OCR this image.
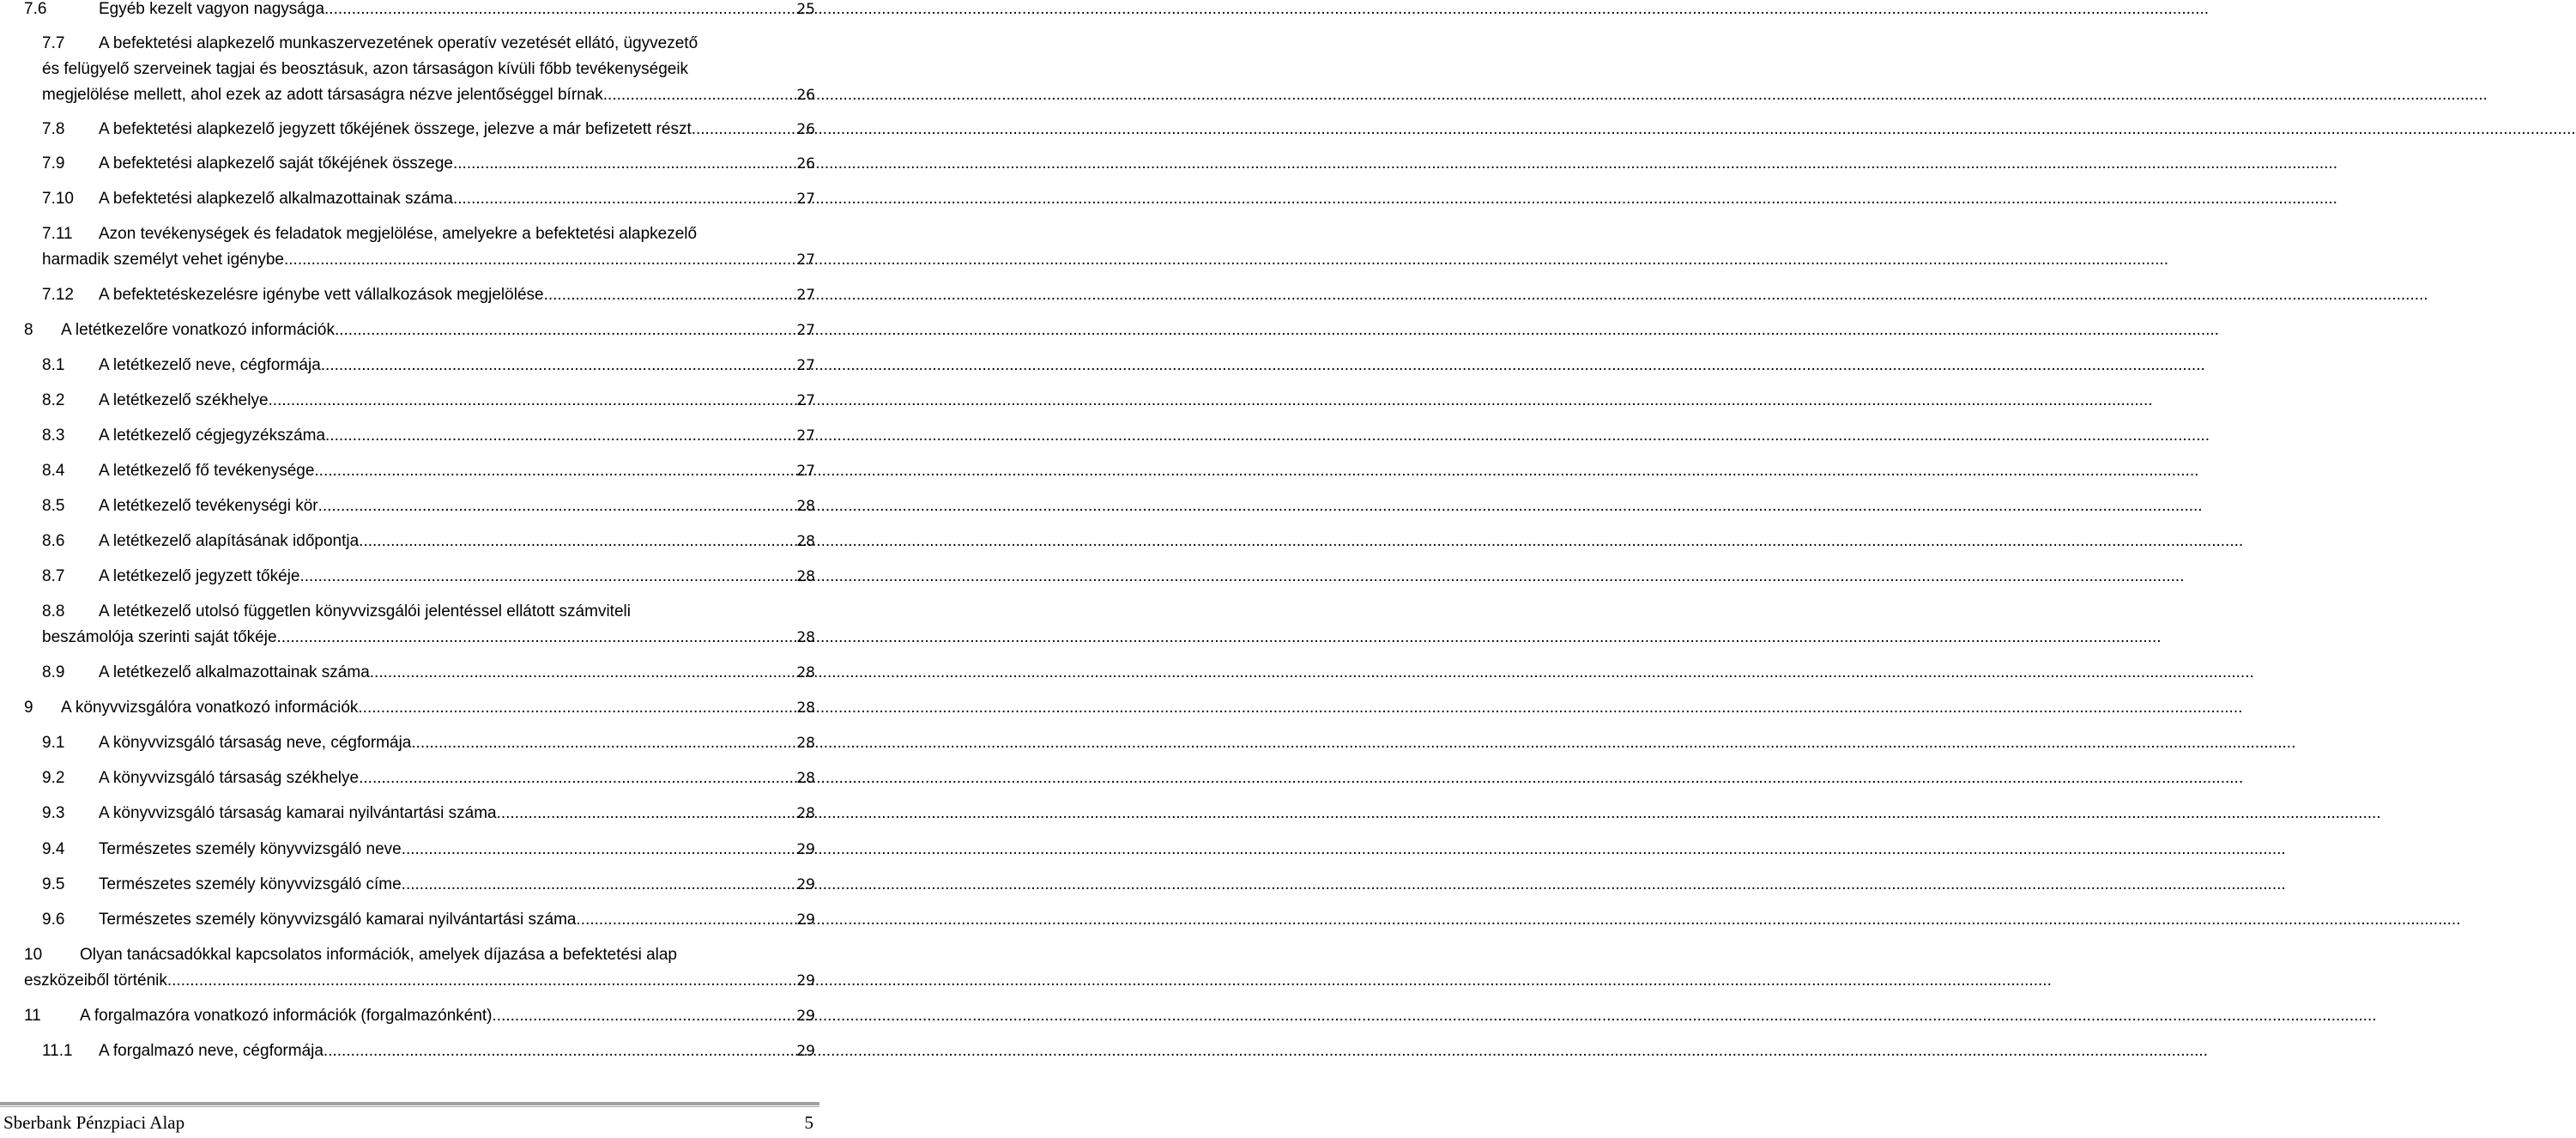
7.6	Egyéb kezelt vagyon nagysága .....	25
7.7 A befektetési alapkezelő munkaszervezetének operatív vezetését ellátó, ügyvezető
és felügyelő szerveinek tagjai és beosztásuk, azon társaságon kívüli főbb tevékenységeik
megjelölése mellett, ahol ezek az adott társaságra nézve jelentőséggel bírnak .....	26
7.8 A befektetési alapkezelő jegyzett tőkéjének összege, jelezve a már befizetett részt .....	26
7.9 A befektetési alapkezelő saját tőkéjének összege .....	26
7.10 A befektetési alapkezelő alkalmazottainak száma .....	27
7.11 Azon tevékenységek és feladatok megjelölése, amelyekre a befektetési alapkezelő
harmadik személyt vehet igénybe .....	27
7.12 A befektetéskezelésre igénybe vett vállalkozások megjelölése .....	27
8 A letétkezelőre vonatkozó információk .....	27
8.1 A letétkezelő neve, cégformája .....	27
8.2 A letétkezelő székhelye .....	27
8.3 A letétkezelő cégjegyzékszáma .....	27
8.4 A letétkezelő fő tevékenysége .....	27
8.5 A letétkezelő tevékenységi kör .....	28
8.6 A letétkezelő alapításának időpontja .....	28
8.7 A letétkezelő jegyzett tőkéje .....	28
8.8 A letétkezelő utolsó független könyvvizsgálói jelentéssel ellátott számviteli
beszámolója szerinti saját tőkéje .....	28
8.9 A letétkezelő alkalmazottainak száma .....	28
9 A könyvvizsgálóra vonatkozó információk .....	28
9.1 A könyvvizsgáló társaság neve, cégformája .....	28
9.2 A könyvvizsgáló társaság székhelye .....	28
9.3 A könyvvizsgáló társaság kamarai nyilvántartási száma .....	28
9.4 Természetes személy könyvvizsgáló neve .....	29
9.5 Természetes személy könyvvizsgáló címe .....	29
9.6 Természetes személy könyvvizsgáló kamarai nyilvántartási száma .....	29
10 Olyan tanácsadókkal kapcsolatos információk, amelyek díjazása a befektetési alap
eszközeiből történik .....	29
11 A forgalmazóra vonatkozó információk (forgalmazónként) .....	29
11.1 A forgalmazó neve, cégformája .....	29
Sberbank Pénzpiaci Alap	5
